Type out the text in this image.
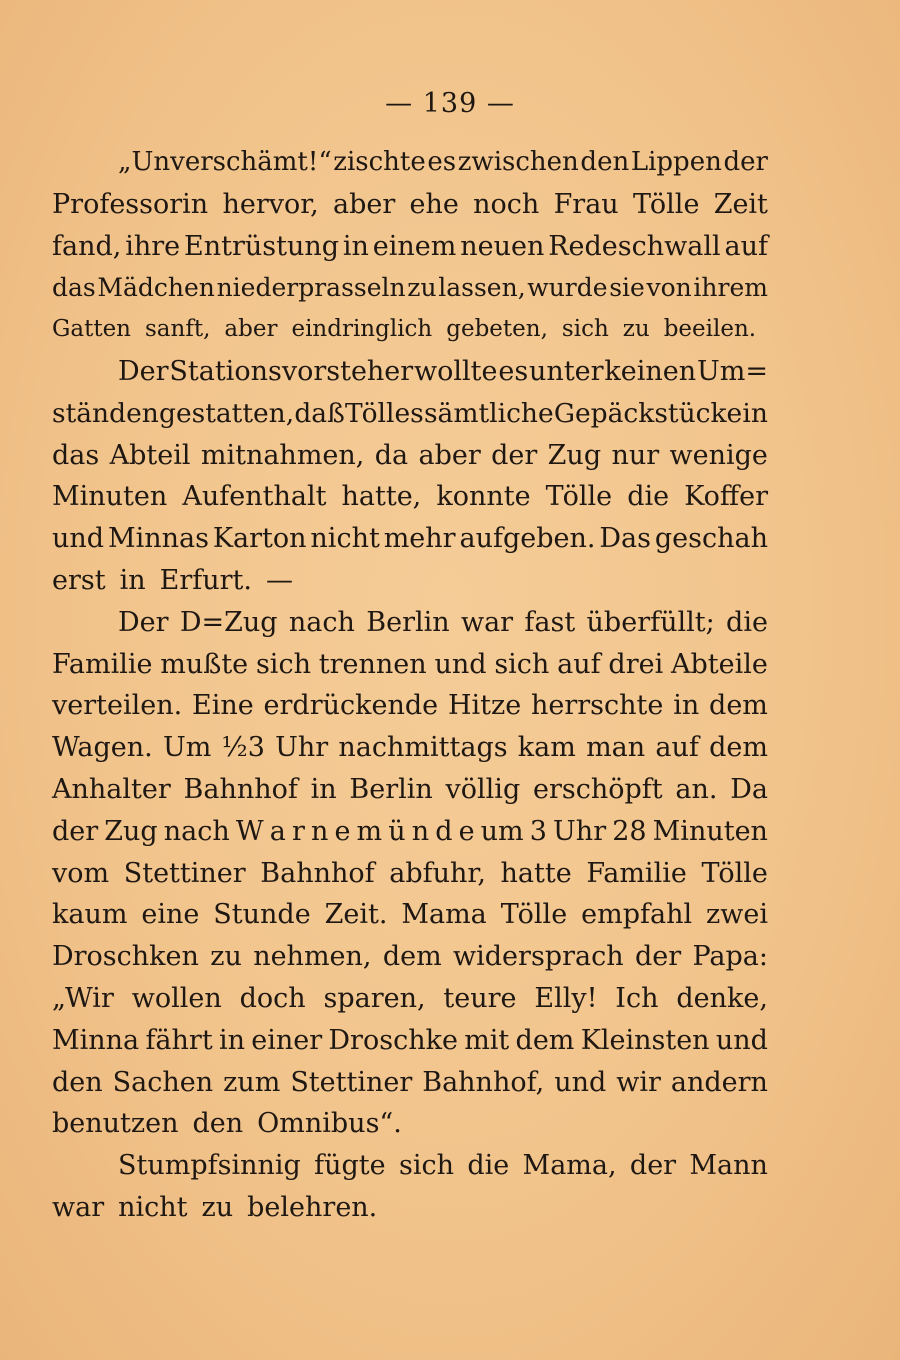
— 139 —
„Unverschämt!“ zischte es zwischen den Lippen der
Professorin hervor, aber ehe noch Frau Tölle Zeit
fand, ihre Entrüstung in einem neuen Redeschwall auf
das Mädchen niederprasseln zu lassen, wurde sie von ihrem
Gatten sanft, aber eindringlich gebeten, sich zu beeilen.
Der Stationsvorsteher wollte es unter keinen Um=
ständen gestatten, daß Tölles sämtliche Gepäckstücke in
das Abteil mitnahmen, da aber der Zug nur wenige
Minuten Aufenthalt hatte, konnte Tölle die Koffer
und Minnas Karton nicht mehr aufgeben. Das geschah
erst in Erfurt. —
Der D=Zug nach Berlin war fast überfüllt; die
Familie mußte sich trennen und sich auf drei Abteile
verteilen. Eine erdrückende Hitze herrschte in dem
Wagen. Um ½3 Uhr nachmittags kam man auf dem
Anhalter Bahnhof in Berlin völlig erschöpft an. Da
der Zug nach W a r n e m ü n d e um 3 Uhr 28 Minuten
vom Stettiner Bahnhof abfuhr, hatte Familie Tölle
kaum eine Stunde Zeit. Mama Tölle empfahl zwei
Droschken zu nehmen, dem widersprach der Papa:
„Wir wollen doch sparen, teure Elly! Ich denke,
Minna fährt in einer Droschke mit dem Kleinsten und
den Sachen zum Stettiner Bahnhof, und wir andern
benutzen den Omnibus“.
Stumpfsinnig fügte sich die Mama, der Mann
war nicht zu belehren.
